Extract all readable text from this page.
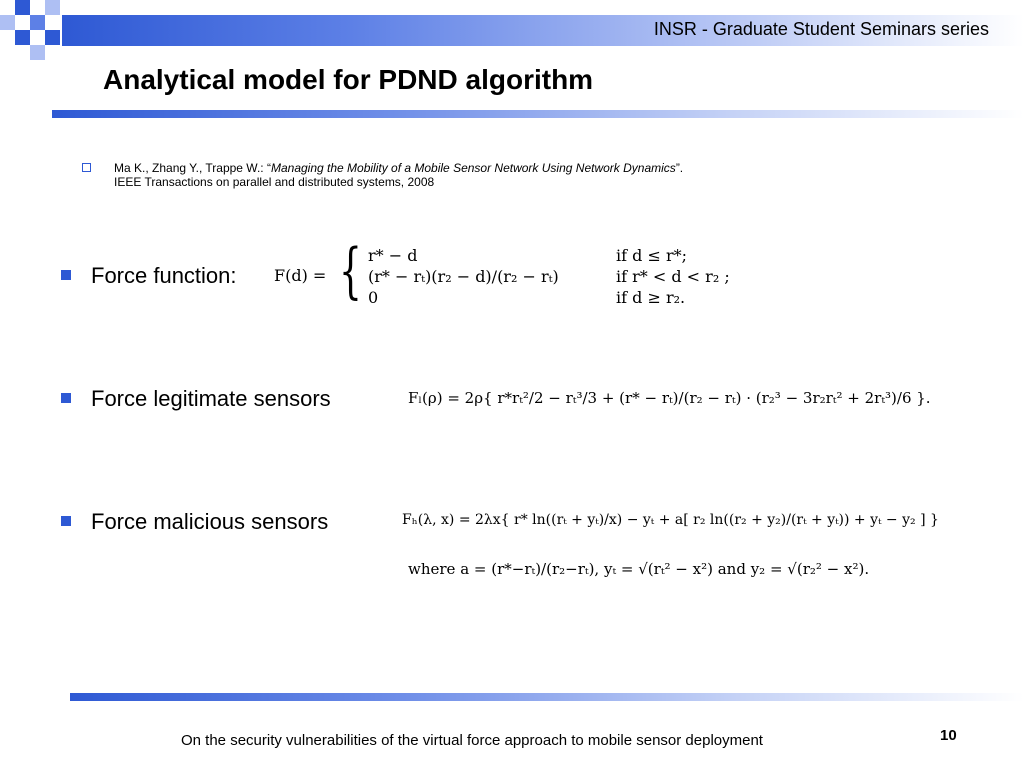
INSR - Graduate Student Seminars series
Analytical model for PDND algorithm
Ma K., Zhang Y., Trappe W.: “Managing the Mobility of a Mobile Sensor Network Using Network Dynamics”.
IEEE Transactions on parallel and distributed systems, 2008
Force function:
Force legitimate sensors
Force malicious sensors
F(d) = { r* − d	if d ≤ r*;
(r* − rₜ)(r₂ − d)/(r₂ − rₜ)	if r* < d < r₂ ;
0	if d ≥ r₂.
Fₗ(ρ) = 2ρ{ r*rₜ²/2 − rₜ³/3 + (r* − rₜ)/(r₂ − rₜ) · (r₂³ − 3r₂rₜ² + 2rₜ³)/6 }.
Fₕ(λ, x) = 2λx{ r* ln((rₜ + yₜ)/x) − yₜ + a[ r₂ ln((r₂ + y₂)/(rₜ + yₜ)) + yₜ − y₂ ] }
where a = (r*−rₜ)/(r₂−rₜ), yₜ = √(rₜ² − x²) and y₂ = √(r₂² − x²).
On the security vulnerabilities of the virtual force approach to mobile sensor deployment	10
